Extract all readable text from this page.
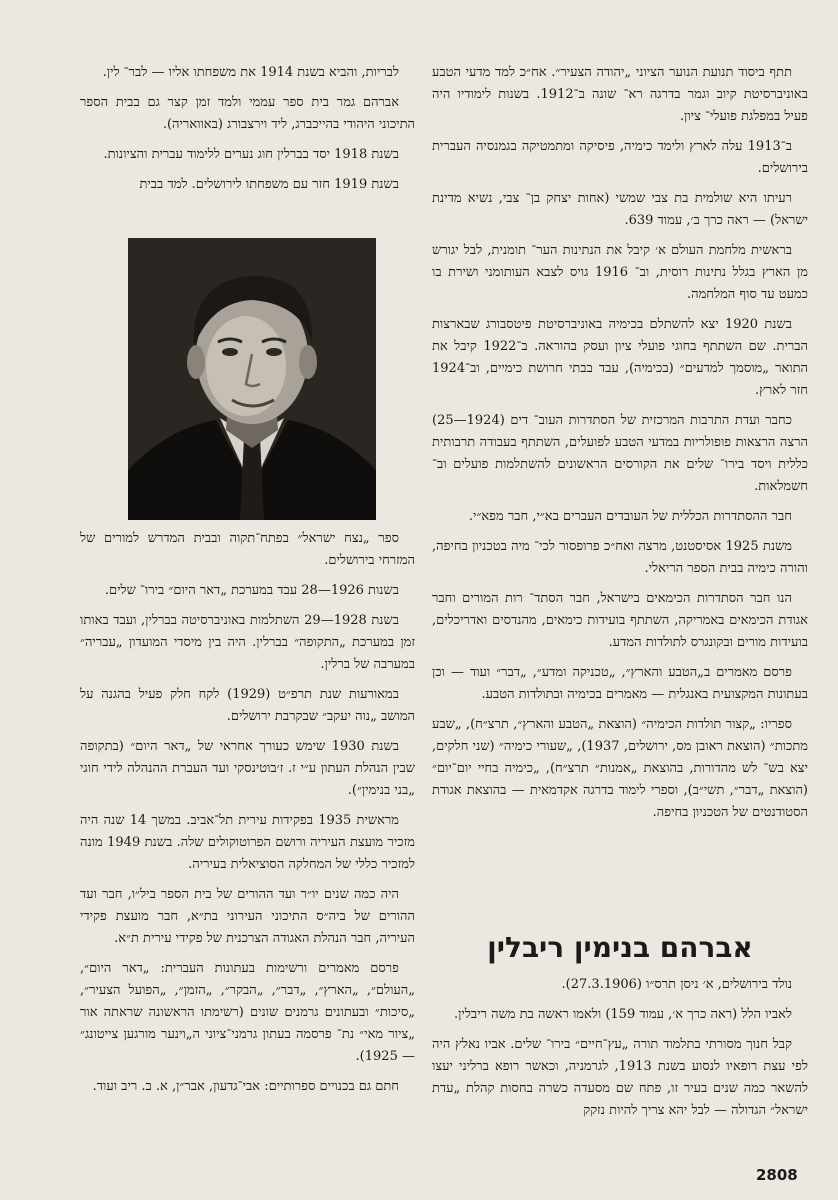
תתף ביסוד תנועת הנוער הציוני „יהודה הצעיר״. אח״כ למד מדעי הטבע באוניברסיטת קיוב וגמר בדרגה רא־ שונה ב־1912. בשנות לימודיו היה פעיל במפלגת פועלי־ ציון.

ב־1913 עלה לארץ ולימד כימיה, פיסיקה ומתמטיקה בגמנסיה העברית בירושלים.

רעיתו היא שולמית בת צבי שמשי (אחות יצחק בן־ צבי, נשיא מדינת ישראל) — ראה כרך ב׳, עמוד 639.

בראשית מלחמת העולם א׳ קיבל את הנתינות הער־ תומנית, לבל יגורש מן הארץ בגלל נתינות רוסית, וב־ 1916 גויס לצבא העותומני ושירת בו כמעט עד סוף המלחמה.

בשנת 1920 יצא להשתלם בכימיה באוניברסיטת פיטסבורג שבארצות הברית. שם השתתף בחוגי פועלי ציון ועסק בהוראה. ב־1922 קיבל את התואר „מוסמך למדעים״ (בכימיה), עבד בבתי חרושת כימיים, וב־1924 חזר לארץ.

כחבר ועדת התרבות המרכזית של הסתדרות העוב־ דים (1924—25) הרצה הרצאות פופולריות במדעי הטבע לפועלים, השתתף בעבודה תרבותית כללית ויסד בירו־ שלים את הקורסים הראשונים להשתלמות פועלים וב־ חשמלאות.

חבר ההסתדרות הכללית של העובדים העברים בא״י, חבר מפא״י.

משנת 1925 אסיסטנט, מרצה ואח״כ פרופסור לכי־ מיה בטכניון בחיפה, והורה כימיה בבית הספר הריאלי.

הנו חבר הסתדרות הכימאים בישראל, חבר הסתד־ רות המורים וחבר אגודת הכימאים באמריקה, השתתף בועידות כימאים, מהנדסים ואדריכלים, בועידות מורים ובקונגרס לתולדות המדע.

פרסם מאמרים ב„הטבע והארץ״, „טכניקה ומדע״, „דבר״ ועוד — וכן בעתונות המקצועית באנגלית — מאמרים בכימיה ובתולדות הטבע.

ספריו: „קצור תולדות הכימיה״ (הוצאת „הטבע והארץ״, תרצ״ח), „שבע מתכות״ (הוצאת ראובן מס, ירושלים, 1937), „שעורי כימיה״ (שני חלקים, יצא בש־ לש מהדורות, בהוצאת „אמנות״ תרצ״ח), „כימיה בחיי יום־יום״ (הוצאת „דבר״, תשי״ב), וספרי לימוד בדרגה אקדמאית — בהוצאת אגודת הסטודנטים של הטכניון בחיפה.

אברהם בנימין ריבלין

נולד בירושלים, א׳ ניסן תרס״ו (27.3.1906).

לאביו הלל (ראה כרך א׳, עמוד 159) ולאמו ראשה בת משה ריבלין.

קבל חנוך מסורתי בתלמוד תורה „עץ־חיים״ בירו־ שלים. אביו נאלץ היה לפי עצת רופאיו לנסוע בשנת 1913, לגרמניה, וכאשר רופא ברליני יעצו להשאר כמה שנים בעיר זו, פתח שם מסעדה כשרה בחסות קהלת „עדת ישראל״ הגדולה — לבל יהא צריך להיות נזקק

לבריות, והביא בשנת 1914 את משפחתו אליו — לבר־ לין.

אברהם גמר בית ספר עממי ולמד זמן קצר גם בבית הספר התיכוני היהודי בהייכברג, ליד וירצבורג (באוואריה).

בשנת 1918 יסד בברלין חוג נערים ללימוד עברית והציונות.

בשנת 1919 חזר עם משפחתו לירושלים. למד בבית

ספר „נצח ישראל״ בפתח־תקוה ובבית המדרש למורים של המזרחי בירושלים.

בשנות 1926—28 עבד במערכת „דאר היום״ בירו־ שלים.

בשנת 1928—29 השתלמות באוניברסיטה בברלין, ועבד באותו זמן במערכת „התקופה״ בברלין. היה בין מיסדי המועדון „עבריה״ במערבה של ברלין.

במאורעות שנת תרפ״ט (1929) לקח חלק פעיל בהגנה על המושב „נוה יעקב״ שבקרבת ירושלים.

בשנת 1930 שימש כעורך אחראי של „דאר היום״ (בתקופה שבין הנהלת העתון ע״י ז. ז׳בוטינסקי ועד העברת ההנהלה לידי חוגי „בני בנימין״).

מראשית 1935 בפקידות עירית תל־אביב. במשך 14 שנה היה מזכיר מועצת העיריה ורושם הפרוטוקולים שלה. בשנת 1949 מונה למזכיר כללי של המחלקה הסוציאלית בעיריה.

היה כמה שנים יו״ר ועד ההורים של בית הספר ביל״ו, חבר ועד ההורים של ביה״ס התיכוני העירוני בת״א, חבר מועצת פקידי העיריה, חבר הנהלת האגודה הצרכנית של פקידי עירית ת״א.

פרסם מאמרים ורשימות בעתונות העברית: „דאר היום״, „העולם״, „הארץ״, „דבר״, „הבקר״, „הזמן״, „הפועל הצעיר״, „סיכות״ ובעתונים גרמנים שונים (רשימתו הראשונה שראתה אור „ציור מאי״ נת־ פרסמה בעתון גרמני־ציוני ה„וינער מורגען צייטונג״ — 1925).

חתם גם בכנויים ספרותיים: אבי־גדעון, אבר״ן, א. ב. ריב ועוד.

2808
